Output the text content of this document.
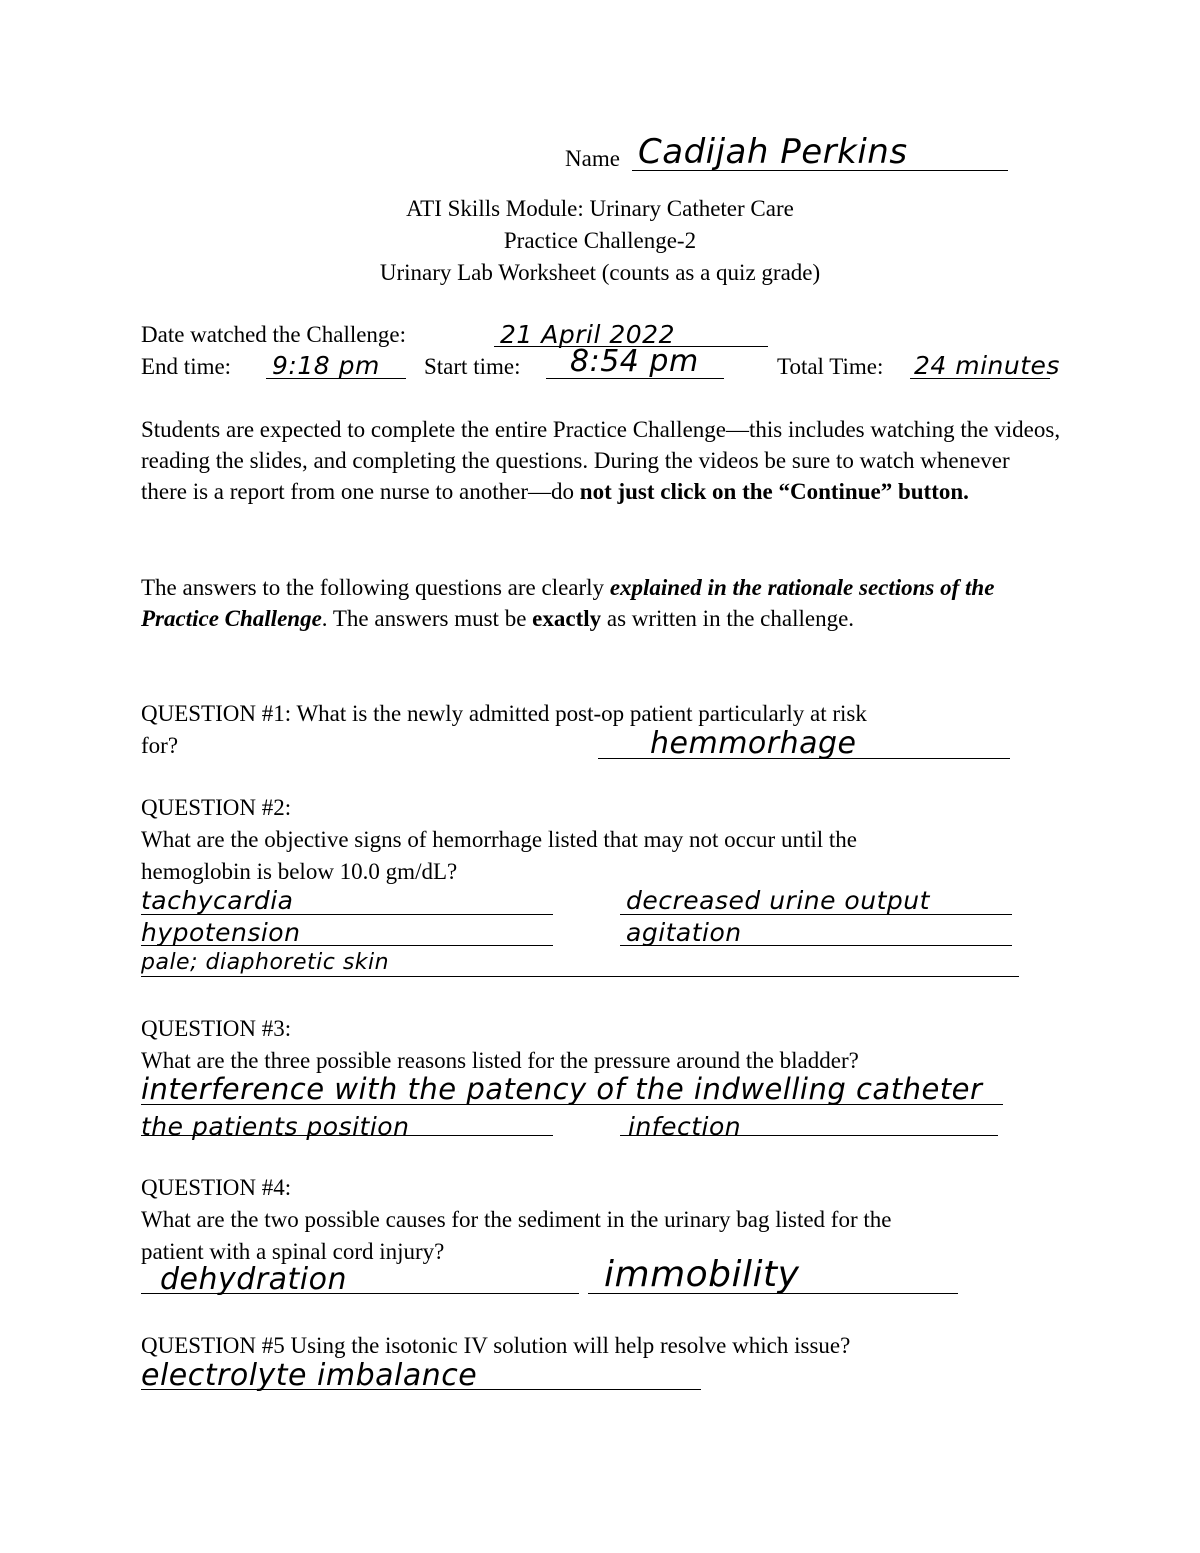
Name Cadijah Perkins
ATI Skills Module: Urinary Catheter Care
Practice Challenge-2
Urinary Lab Worksheet (counts as a quiz grade)
Date watched the Challenge:	21 April 2022
End time: 9:18 pm Start time: 8:54 pm	Total Time: 24 minutes
Students are expected to complete the entire Practice Challenge—this includes watching the videos, reading the slides, and completing the questions. During the videos be sure to watch whenever there is a report from one nurse to another—do not just click on the “Continue” button.
The answers to the following questions are clearly explained in the rationale sections of the Practice Challenge. The answers must be exactly as written in the challenge.
QUESTION #1: What is the newly admitted post-op patient particularly at risk
for?	hemmorhage
QUESTION #2:
What are the objective signs of hemorrhage listed that may not occur until the
hemoglobin is below 10.0 gm/dL?
tachycardia	decreased urine output
hypotension	agitation
pale; diaphoretic skin
QUESTION #3:
What are the three possible reasons listed for the pressure around the bladder?
interference with the patency of the indwelling catheter
the patients position	infection
QUESTION #4:
What are the two possible causes for the sediment in the urinary bag listed for the
patient with a spinal cord injury?
dehydration	immobility
QUESTION #5 Using the isotonic IV solution will help resolve which issue?
electrolyte imbalance
